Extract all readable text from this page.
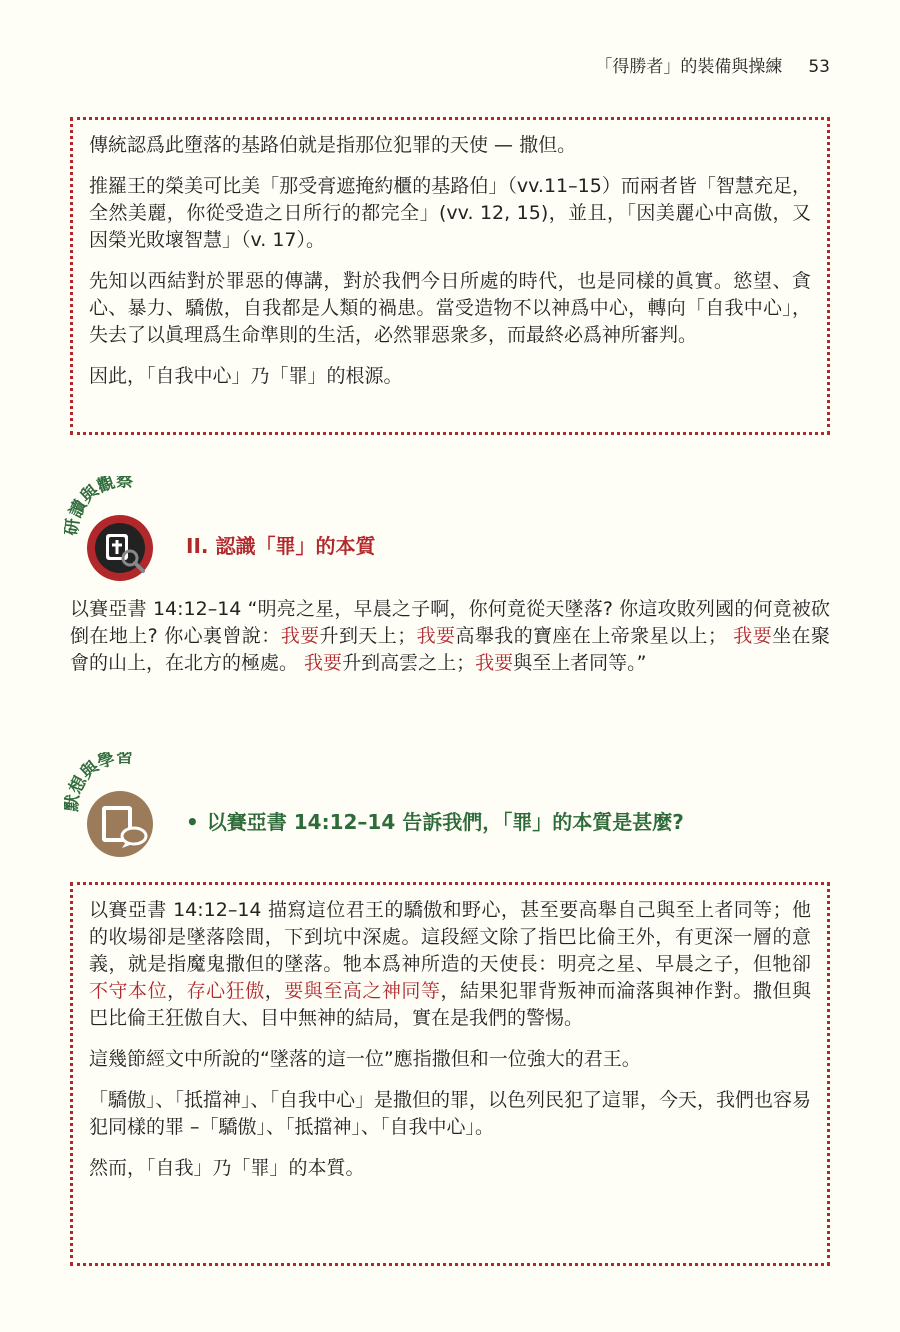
「得勝者」的裝備與操練 53

傳統認爲此墮落的基路伯就是指那位犯罪的天使 — 撒但。

推羅王的榮美可比美「那受膏遮掩約櫃的基路伯」（vv.11–15）而兩者皆「智慧充足，全然美麗，你從受造之日所行的都完全」(vv. 12, 15)，並且，「因美麗心中高傲，又因榮光敗壞智慧」（v. 17）。

先知以西結對於罪惡的傳講，對於我們今日所處的時代，也是同樣的眞實。慾望、貪心、暴力、驕傲，自我都是人類的禍患。當受造物不以神爲中心，轉向「自我中心」，失去了以眞理爲生命準則的生活，必然罪惡衆多，而最終必爲神所審判。

因此，「自我中心」乃「罪」的根源。

研讀與觀察
II. 認識「罪」的本質

以賽亞書 14:12–14 “明亮之星，早晨之子啊，你何竟從天墜落? 你這攻敗列國的何竟被砍倒在地上? 你心裏曾說：我要升到天上；我要高舉我的寶座在上帝衆星以上； 我要坐在聚會的山上，在北方的極處。 我要升到高雲之上；我要與至上者同等。”

默想與學習
• 以賽亞書 14:12–14 告訴我們，「罪」的本質是甚麼?

以賽亞書 14:12–14 描寫這位君王的驕傲和野心，甚至要高舉自己與至上者同等；他的收場卻是墜落陰間，下到坑中深處。這段經文除了指巴比倫王外，有更深一層的意義，就是指魔鬼撒但的墜落。牠本爲神所造的天使長：明亮之星、早晨之子，但牠卻不守本位，存心狂傲，要與至高之神同等，結果犯罪背叛神而淪落與神作對。撒但與巴比倫王狂傲自大、目中無神的結局，實在是我們的警惕。

這幾節經文中所說的“墜落的這一位”應指撒但和一位強大的君王。

「驕傲」、「抵擋神」、「自我中心」是撒但的罪，以色列民犯了這罪，今天，我們也容易犯同樣的罪 –「驕傲」、「抵擋神」、「自我中心」。

然而，「自我」乃「罪」的本質。
